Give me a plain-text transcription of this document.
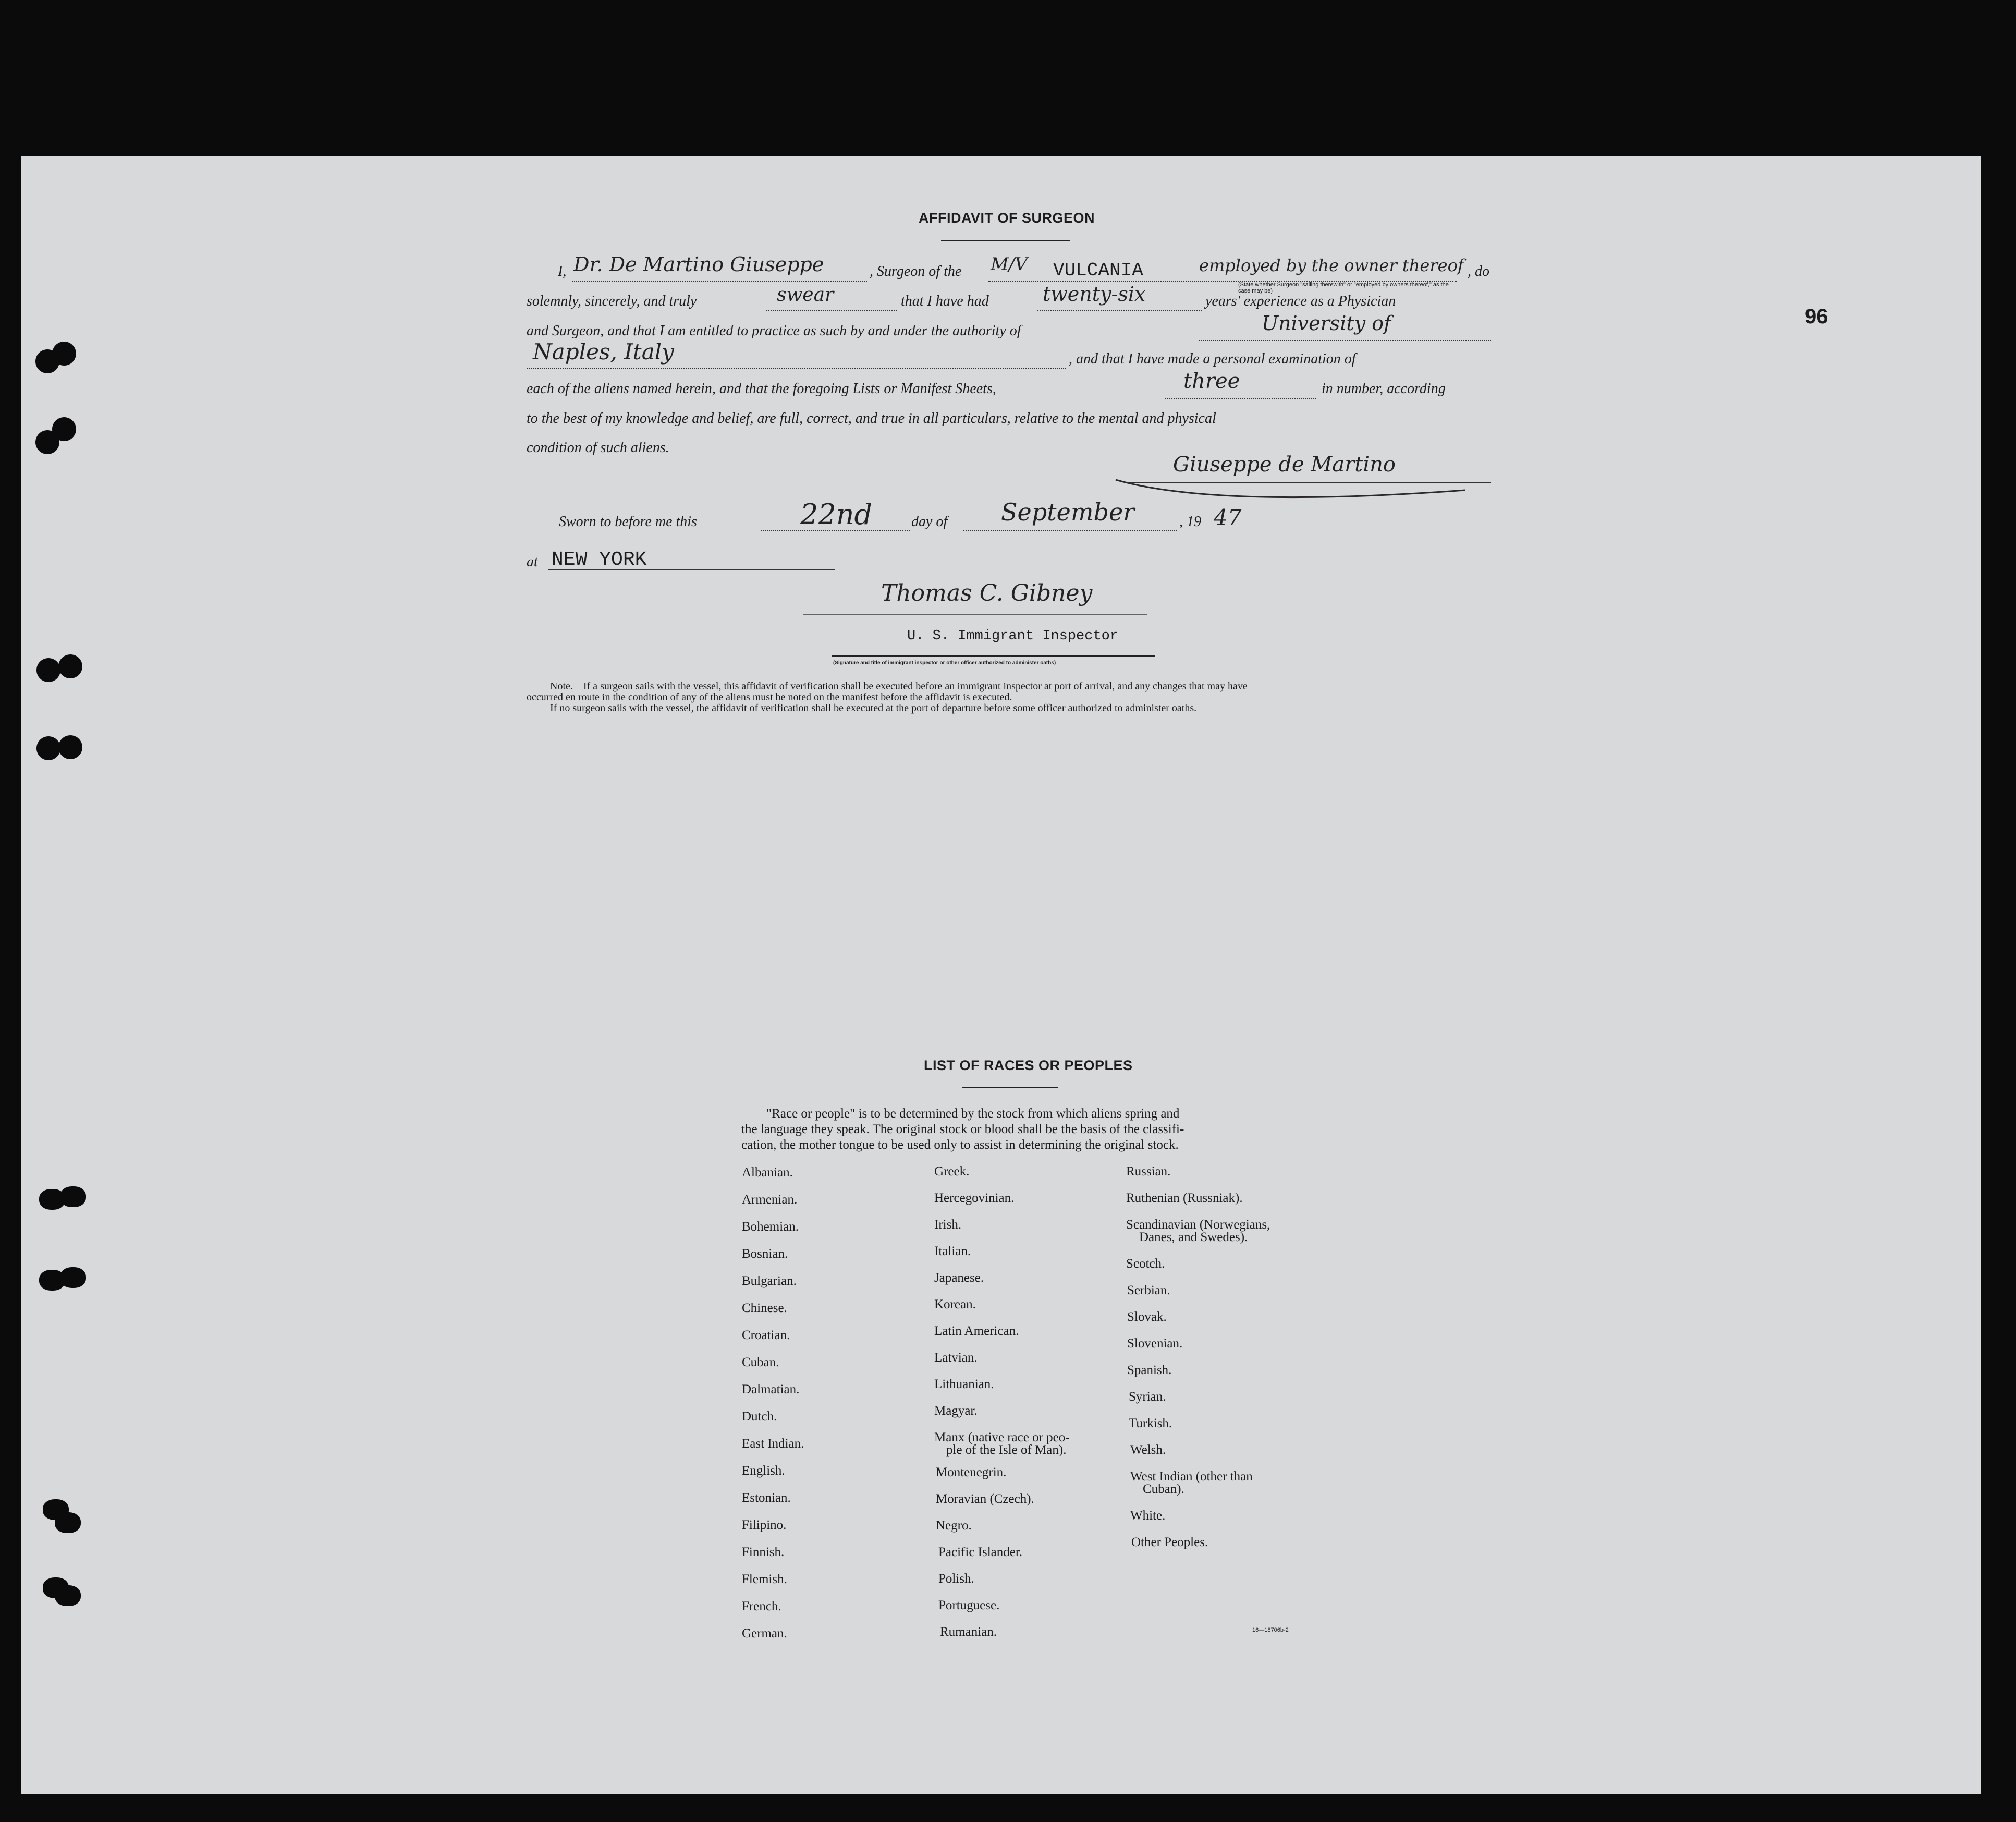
96
AFFIDAVIT OF SURGEON
I, Dr. De Martino Giuseppe	, Surgeon of the M/V VULCANIA	employed by the owner thereof
(State whether Surgeon "sailing therewith" or "employed by owners thereof," as the case may be)
, do
solemnly, sincerely, and truly	swear	that I have had	twenty-six	years' experience as a Physician
and Surgeon, and that I am entitled to practice as such by and under the authority of	University of
Naples, Italy	, and that I have made a personal examination of
each of the aliens named herein, and that the foregoing Lists or Manifest Sheets,	three	in number, according
to the best of my knowledge and belief, are full, correct, and true in all particulars, relative to the mental and physical
condition of such aliens.
Giuseppe de Martino
Sworn to before me this	22nd	day of September	, 19 47
at NEW YORK
Thomas C. Gibney
U. S. Immigrant Inspector
(Signature and title of immigrant inspector or other officer authorized to administer oaths)
Note.—If a surgeon sails with the vessel, this affidavit of verification shall be executed before an immigrant inspector at port of arrival, and any changes that may have
occurred en route in the condition of any of the aliens must be noted on the manifest before the affidavit is executed.
If no surgeon sails with the vessel, the affidavit of verification shall be executed at the port of departure before some officer authorized to administer oaths.
LIST OF RACES OR PEOPLES
"Race or people" is to be determined by the stock from which aliens spring and
the language they speak. The original stock or blood shall be the basis of the classifi-
cation, the mother tongue to be used only to assist in determining the original stock.
Albanian.
Armenian.
Bohemian.
Bosnian.
Bulgarian.
Chinese.
Croatian.
Cuban.
Dalmatian.
Dutch.
East Indian.
English.
Estonian.
Filipino.
Finnish.
Flemish.
French.
German.
Greek.
Hercegovinian.
Irish.
Italian.
Japanese.
Korean.
Latin American.
Latvian.
Lithuanian.
Magyar.
Manx (native race or peo-
ple of the Isle of Man).
Montenegrin.
Moravian (Czech).
Negro.
Pacific Islander.
Polish.
Portuguese.
Rumanian.
Russian.
Ruthenian (Russniak).
Scandinavian (Norwegians,
Danes, and Swedes).
Scotch.
Serbian.
Slovak.
Slovenian.
Spanish.
Syrian.
Turkish.
Welsh.
West Indian (other than
Cuban).
White.
Other Peoples.
16—18706b-2
